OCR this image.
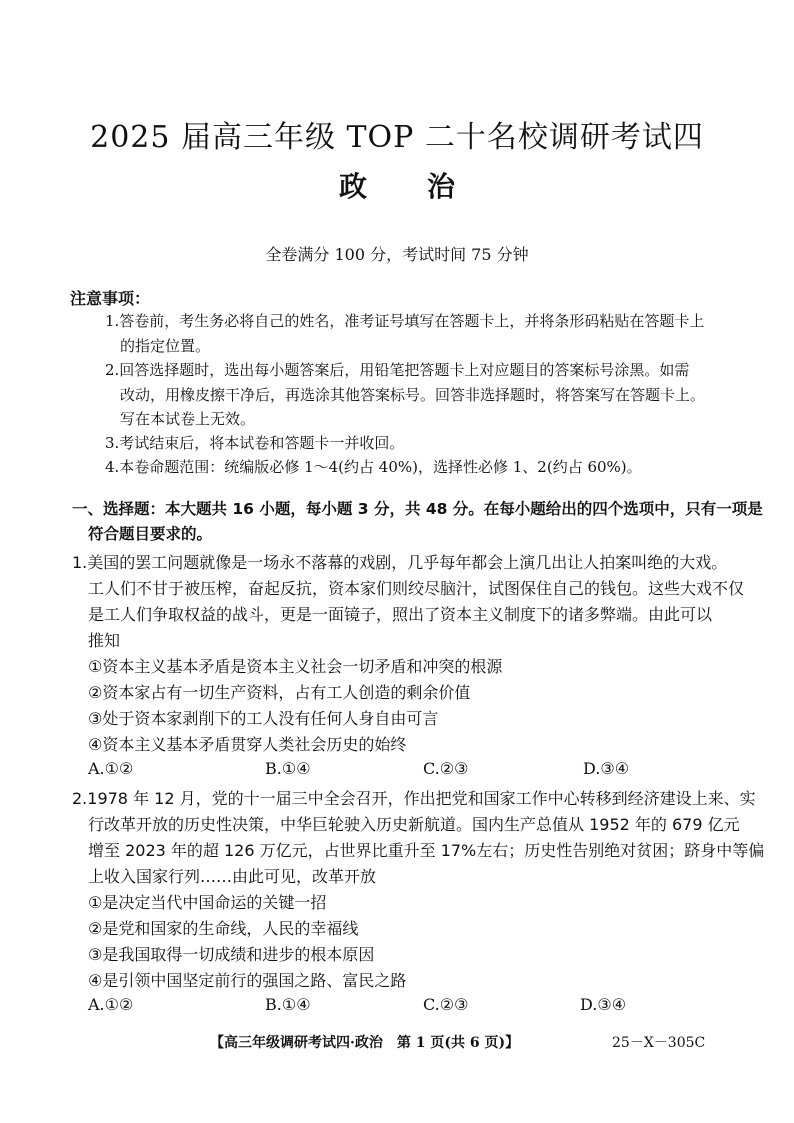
2025 届高三年级 TOP 二十名校调研考试四
政治
全卷满分 100 分，考试时间 75 分钟
注意事项：
1.答卷前，考生务必将自己的姓名，准考证号填写在答题卡上，并将条形码粘贴在答题卡上
的指定位置。
2.回答选择题时，选出每小题答案后，用铅笔把答题卡上对应题目的答案标号涂黑。如需
改动，用橡皮擦干净后，再选涂其他答案标号。回答非选择题时，将答案写在答题卡上。
写在本试卷上无效。
3.考试结束后，将本试卷和答题卡一并收回。
4.本卷命题范围：统编版必修 1～4(约占 40%)，选择性必修 1、2(约占 60%)。
一、选择题：本大题共 16 小题，每小题 3 分，共 48 分。在每小题给出的四个选项中，只有一项是
符合题目要求的。
1.美国的罢工问题就像是一场永不落幕的戏剧，几乎每年都会上演几出让人拍案叫绝的大戏。
工人们不甘于被压榨，奋起反抗，资本家们则绞尽脑汁，试图保住自己的钱包。这些大戏不仅
是工人们争取权益的战斗，更是一面镜子，照出了资本主义制度下的诸多弊端。由此可以
推知
①资本主义基本矛盾是资本主义社会一切矛盾和冲突的根源
②资本家占有一切生产资料，占有工人创造的剩余价值
③处于资本家剥削下的工人没有任何人身自由可言
④资本主义基本矛盾贯穿人类社会历史的始终
A.①②	B.①④	C.②③	D.③④
2.1978 年 12 月，党的十一届三中全会召开，作出把党和国家工作中心转移到经济建设上来、实
行改革开放的历史性决策，中华巨轮驶入历史新航道。国内生产总值从 1952 年的 679 亿元
增至 2023 年的超 126 万亿元，占世界比重升至 17%左右；历史性告别绝对贫困；跻身中等偏
上收入国家行列……由此可见，改革开放
①是决定当代中国命运的关键一招
②是党和国家的生命线，人民的幸福线
③是我国取得一切成绩和进步的根本原因
④是引领中国坚定前行的强国之路、富民之路
A.①②	B.①④	C.②③	D.③④
【高三年级调研考试四·政治　第 1 页(共 6 页)】	25－X－305C
